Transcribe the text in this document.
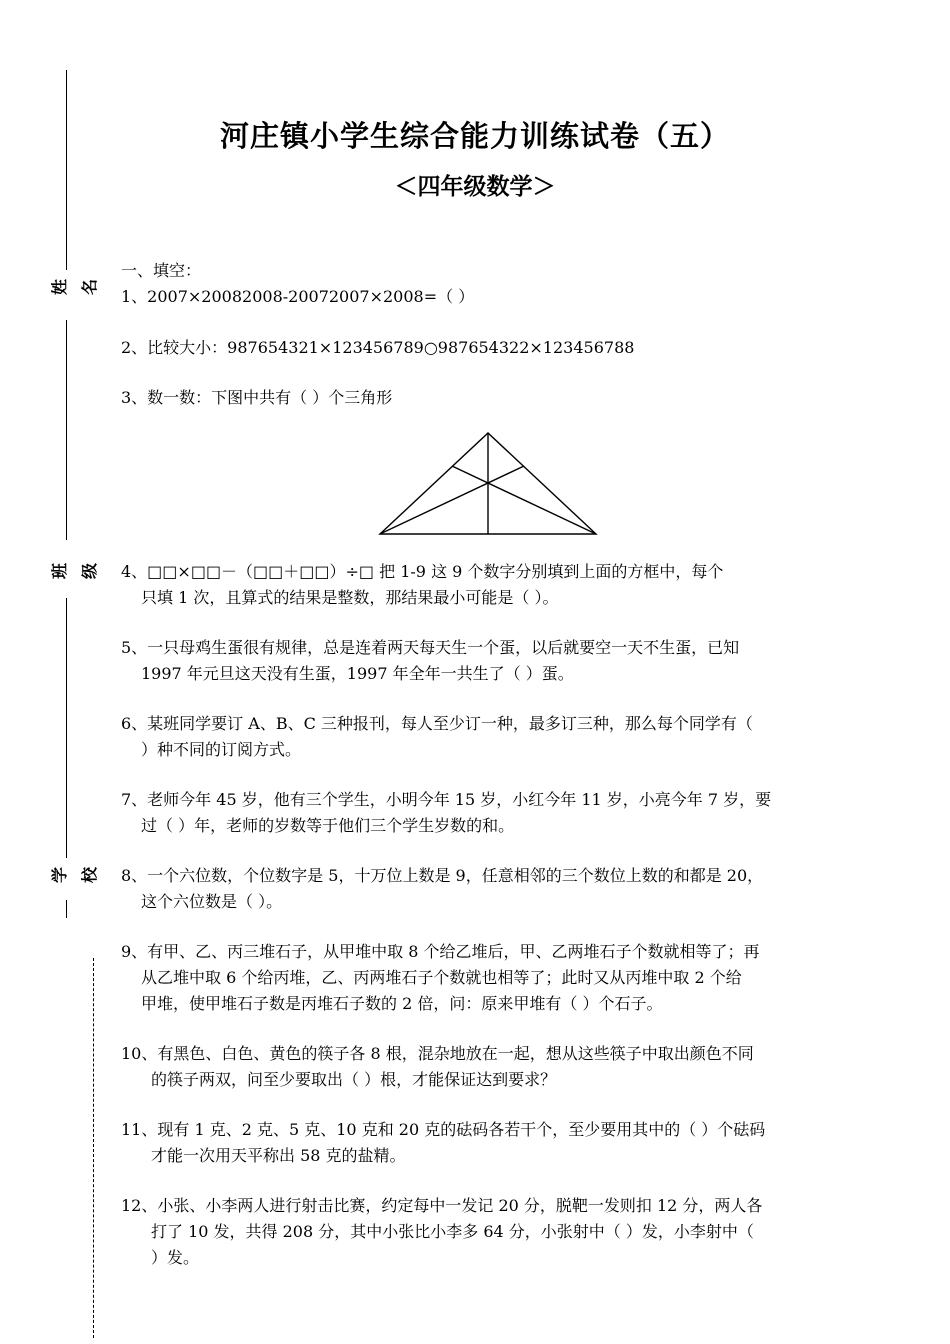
姓名
班级
学校
河庄镇小学生综合能力训练试卷（五）
＜四年级数学＞
一、填空：
1、2007×20082008-20072007×2008=（ ）
2、比较大小：987654321×123456789○987654322×123456788
3、数一数：下图中共有（ ）个三角形
4、□□×□□－（□□＋□□）÷□ 把 1-9 这 9 个数字分别填到上面的方框中，每个
只填 1 次，且算式的结果是整数，那结果最小可能是（ ）。
5、一只母鸡生蛋很有规律，总是连着两天每天生一个蛋，以后就要空一天不生蛋，已知
1997 年元旦这天没有生蛋，1997 年全年一共生了（ ）蛋。
6、某班同学要订 A、B、C 三种报刊，每人至少订一种，最多订三种，那么每个同学有（
）种不同的订阅方式。
7、老师今年 45 岁，他有三个学生，小明今年 15 岁，小红今年 11 岁，小亮今年 7 岁，要
过（ ）年，老师的岁数等于他们三个学生岁数的和。
8、一个六位数，个位数字是 5，十万位上数是 9，任意相邻的三个数位上数的和都是 20，
这个六位数是（ ）。
9、有甲、乙、丙三堆石子，从甲堆中取 8 个给乙堆后，甲、乙两堆石子个数就相等了；再
从乙堆中取 6 个给丙堆，乙、丙两堆石子个数就也相等了；此时又从丙堆中取 2 个给
甲堆，使甲堆石子数是丙堆石子数的 2 倍，问：原来甲堆有（ ）个石子。
10、有黑色、白色、黄色的筷子各 8 根，混杂地放在一起，想从这些筷子中取出颜色不同
的筷子两双，问至少要取出（ ）根，才能保证达到要求？
11、现有 1 克、2 克、5 克、10 克和 20 克的砝码各若干个，至少要用其中的（ ）个砝码
才能一次用天平称出 58 克的盐精。
12、小张、小李两人进行射击比赛，约定每中一发记 20 分，脱靶一发则扣 12 分，两人各
打了 10 发，共得 208 分，其中小张比小李多 64 分，小张射中（ ）发，小李射中（
）发。
